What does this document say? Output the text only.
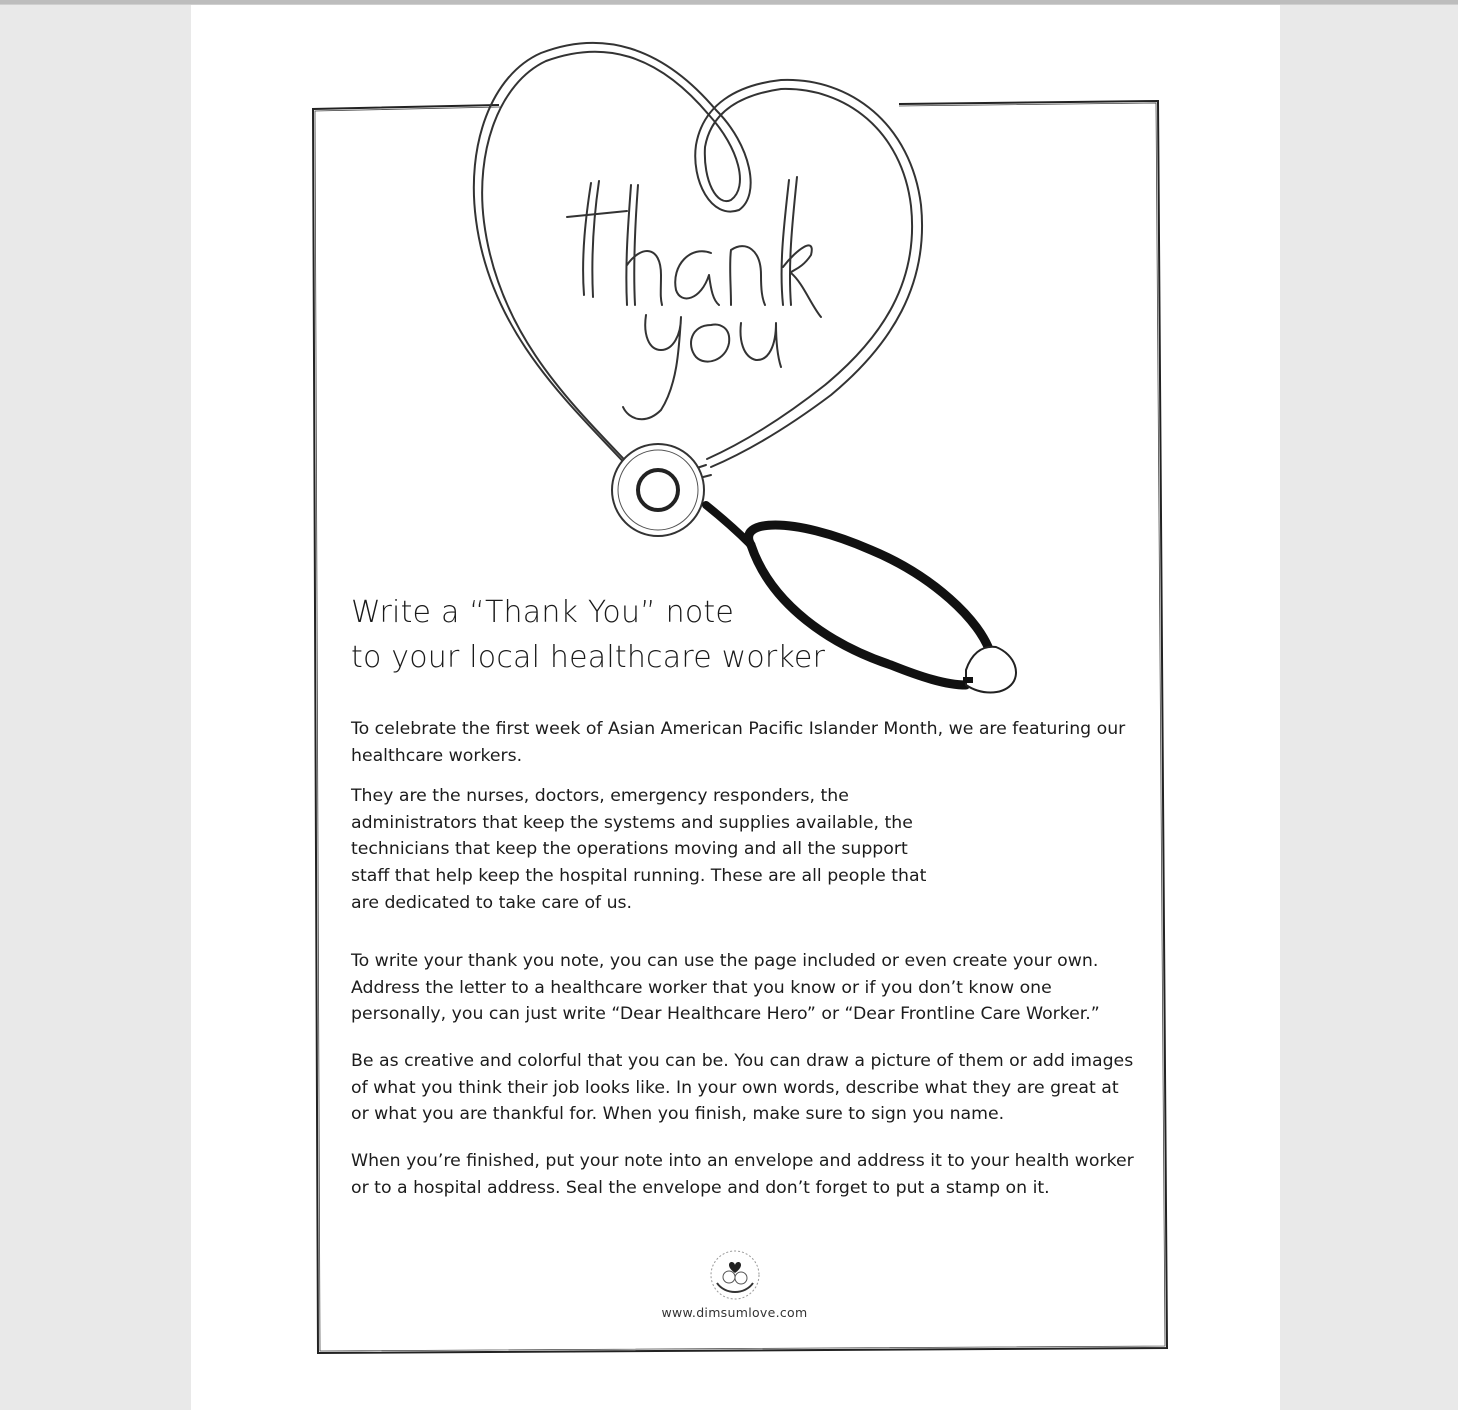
Write a “Thank You” note
to your local healthcare worker

To celebrate the first week of Asian American Pacific Islander Month, we are featuring our healthcare workers.

They are the nurses, doctors, emergency responders, the administrators that keep the systems and supplies available, the technicians that keep the operations moving and all the support staff that help keep the hospital running. These are all people that are dedicated to take care of us.

To write your thank you note, you can use the page included or even create your own. Address the letter to a healthcare worker that you know or if you don’t know one personally, you can just write “Dear Healthcare Hero” or “Dear Frontline Care Worker.”

Be as creative and colorful that you can be. You can draw a picture of them or add images of what you think their job looks like. In your own words, describe what they are great at or what you are thankful for. When you finish, make sure to sign you name.

When you’re finished, put your note into an envelope and address it to your health worker or to a hospital address. Seal the envelope and don’t forget to put a stamp on it.

www.dimsumlove.com
